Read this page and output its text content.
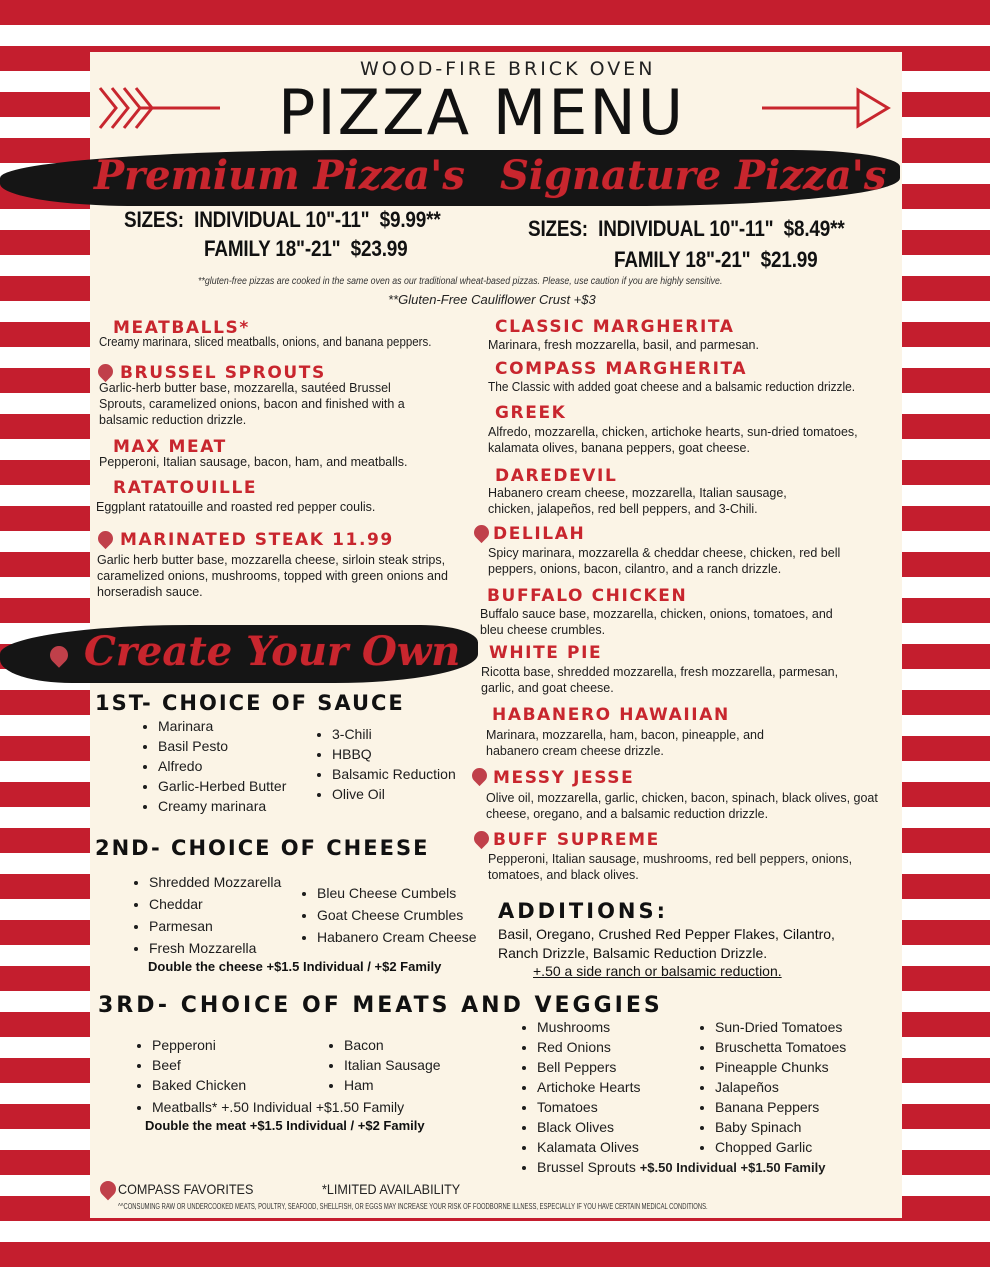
WOOD-FIRE BRICK OVEN
PIZZA MENU
Premium Pizza's Signature Pizza's
SIZES:  INDIVIDUAL 10"-11"  $9.99**
FAMILY 18"-21"  $23.99
SIZES:  INDIVIDUAL 10"-11"  $8.49**
FAMILY 18"-21"  $21.99
**gluten-free pizzas are cooked in the same oven as our traditional wheat-based pizzas. Please, use caution if you are highly sensitive.
**Gluten-Free Cauliflower Crust +$3
MEATBALLS*
Creamy marinara, sliced meatballs, onions, and banana peppers.
BRUSSEL SPROUTS
Garlic-herb butter base, mozzarella, sautéed Brussel Sprouts, caramelized onions, bacon and finished with a balsamic reduction drizzle.
MAX MEAT
Pepperoni, Italian sausage, bacon, ham, and meatballs.
RATATOUILLE
Eggplant ratatouille and roasted red pepper coulis.
MARINATED STEAK 11.99
Garlic herb butter base, mozzarella cheese, sirloin steak strips, caramelized onions, mushrooms, topped with green onions and horseradish sauce.
Create Your Own
CLASSIC MARGHERITA
Marinara, fresh mozzarella, basil, and parmesan.
COMPASS MARGHERITA
The Classic with added goat cheese and a balsamic reduction drizzle.
GREEK
Alfredo, mozzarella, chicken, artichoke hearts, sun-dried tomatoes, kalamata olives, banana peppers, goat cheese.
DAREDEVIL
Habanero cream cheese, mozzarella, Italian sausage, chicken, jalapeños, red bell peppers, and 3-Chili.
DELILAH
Spicy marinara, mozzarella & cheddar cheese, chicken, red bell peppers, onions, bacon, cilantro, and a ranch drizzle.
BUFFALO CHICKEN
Buffalo sauce base, mozzarella, chicken, onions, tomatoes, and bleu cheese crumbles.
WHITE PIE
Ricotta base, shredded mozzarella, fresh mozzarella, parmesan, garlic, and goat cheese.
HABANERO HAWAIIAN
Marinara, mozzarella, ham, bacon, pineapple, and habanero cream cheese drizzle.
MESSY JESSE
Olive oil, mozzarella, garlic, chicken, bacon, spinach, black olives, goat cheese, oregano, and a balsamic reduction drizzle.
BUFF SUPREME
Pepperoni, Italian sausage, mushrooms, red bell peppers, onions, tomatoes, and black olives.
1ST- CHOICE OF SAUCE
• Marinara
• Basil Pesto
• Alfredo
• Garlic-Herbed Butter
• Creamy marinara
• 3-Chili
• HBBQ
• Balsamic Reduction
• Olive Oil
2ND- CHOICE OF CHEESE
• Shredded Mozzarella
• Cheddar
• Parmesan
• Fresh Mozzarella
• Bleu Cheese Cumbels
• Goat Cheese Crumbles
• Habanero Cream Cheese
Double the cheese +$1.5 Individual / +$2 Family
ADDITIONS:
Basil, Oregano, Crushed Red Pepper Flakes, Cilantro, Ranch Drizzle, Balsamic Reduction Drizzle.
+.50 a side ranch or balsamic reduction.
3RD- CHOICE OF MEATS AND VEGGIES
• Pepperoni
• Beef
• Baked Chicken
• Meatballs* +.50 Individual +$1.50 Family
• Bacon
• Italian Sausage
• Ham
Double the meat +$1.5 Individual / +$2 Family
• Mushrooms
• Red Onions
• Bell Peppers
• Artichoke Hearts
• Tomatoes
• Black Olives
• Kalamata Olives
• Brussel Sprouts +$.50 Individual +$1.50 Family
• Sun-Dried Tomatoes
• Bruschetta Tomatoes
• Pineapple Chunks
• Jalapeños
• Banana Peppers
• Baby Spinach
• Chopped Garlic
COMPASS FAVORITES	*LIMITED AVAILABILITY
^^CONSUMING RAW OR UNDERCOOKED MEATS, POULTRY, SEAFOOD, SHELLFISH, OR EGGS MAY INCREASE YOUR RISK OF FOODBORNE ILLNESS, ESPECIALLY IF YOU HAVE CERTAIN MEDICAL CONDITIONS.
